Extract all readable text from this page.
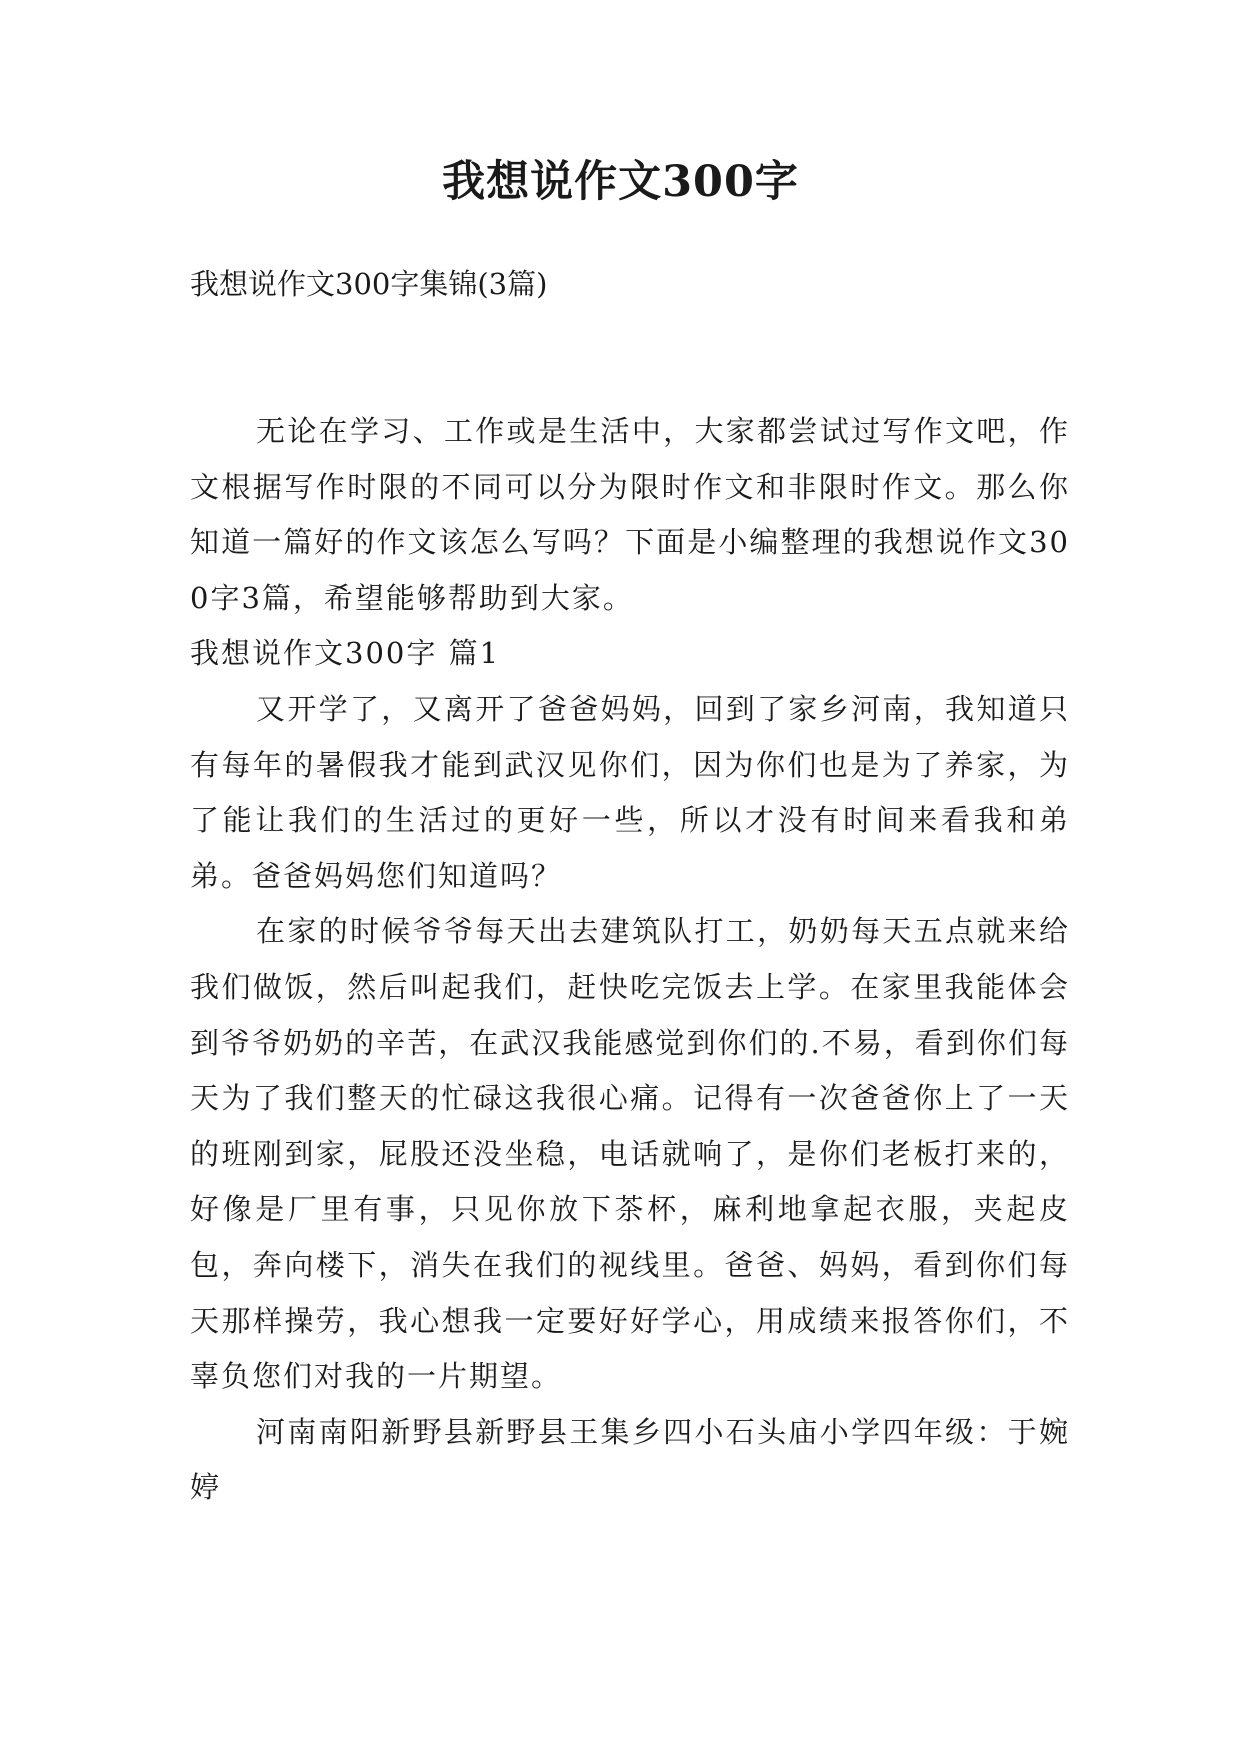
我想说作文300字
我想说作文300字集锦(3篇)

无论在学习、工作或是生活中，大家都尝试过写作文吧，作文根据写作时限的不同可以分为限时作文和非限时作文。那么你知道一篇好的作文该怎么写吗？下面是小编整理的我想说作文300字3篇，希望能够帮助到大家。

我想说作文300字 篇1

又开学了，又离开了爸爸妈妈，回到了家乡河南，我知道只有每年的暑假我才能到武汉见你们，因为你们也是为了养家，为了能让我们的生活过的更好一些，所以才没有时间来看我和弟弟。爸爸妈妈您们知道吗？

在家的时候爷爷每天出去建筑队打工，奶奶每天五点就来给我们做饭，然后叫起我们，赶快吃完饭去上学。在家里我能体会到爷爷奶奶的辛苦，在武汉我能感觉到你们的.不易，看到你们每天为了我们整天的忙碌这我很心痛。记得有一次爸爸你上了一天的班刚到家，屁股还没坐稳，电话就响了，是你们老板打来的，好像是厂里有事，只见你放下茶杯，麻利地拿起衣服，夹起皮包，奔向楼下，消失在我们的视线里。爸爸、妈妈，看到你们每天那样操劳，我心想我一定要好好学心，用成绩来报答你们，不辜负您们对我的一片期望。

河南南阳新野县新野县王集乡四小石头庙小学四年级：于婉婷
